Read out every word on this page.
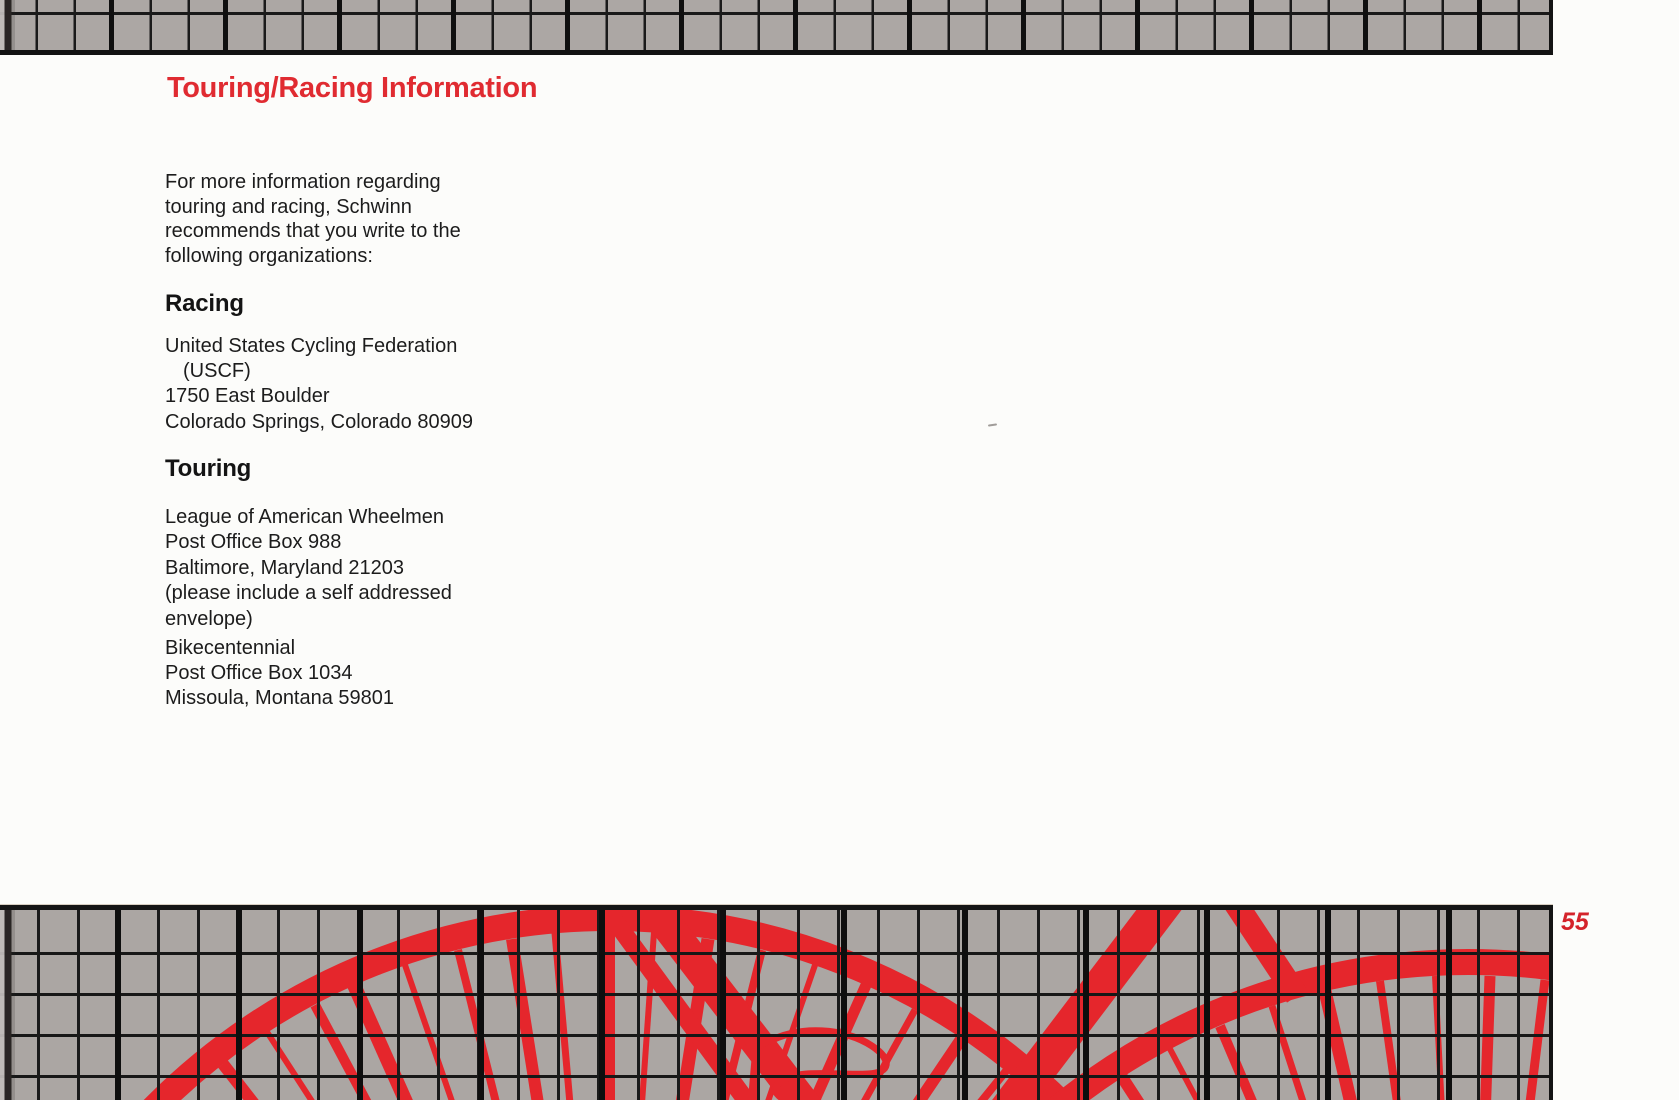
Touring/Racing Information
For more information regarding
touring and racing, Schwinn
recommends that you write to the
following organizations:
Racing
United States Cycling Federation
(USCF)
1750 East Boulder
Colorado Springs, Colorado 80909
Touring
League of American Wheelmen
Post Office Box 988
Baltimore, Maryland 21203
(please include a self addressed
envelope)
Bikecentennial
Post Office Box 1034
Missoula, Montana 59801
55
